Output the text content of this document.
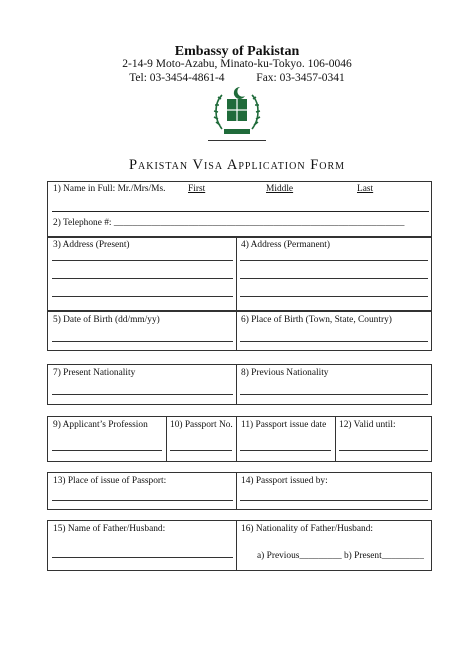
Embassy of Pakistan
2-14-9 Moto-Azabu, Minato-ku-Tokyo. 106-0046
Tel: 03-3454-4861-4	Fax: 03-3457-0341
Pakistan Visa Application Form
1) Name in Full: Mr./Mrs/Ms. First	Middle	Last
2) Telephone #: ______________________________________________________________
3) Address (Present)	4) Address (Permanent)
5) Date of Birth (dd/mm/yy)	6) Place of Birth (Town, State, Country)
7) Present Nationality	8) Previous Nationality
9) Applicant’s Profession 10) Passport No. 11) Passport issue date 12) Valid until:
13) Place of issue of Passport:	14) Passport issued by:
15) Name of Father/Husband:	16) Nationality of Father/Husband:
a) Previous_________ b) Present_________
